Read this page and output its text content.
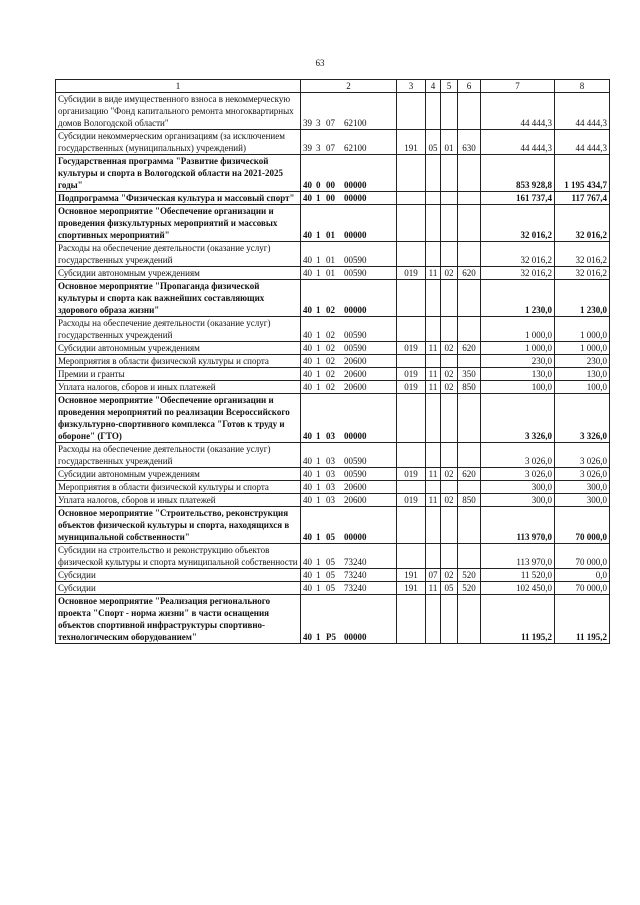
63
1	2	3	4	5	6	7	8
Субсидии в виде имущественного взноса в некоммерческую организацию "Фонд капитального ремонта многоквартирных домов Вологодской области"	39 3 07 62100					44 444,3	44 444,3
Субсидии некоммерческим организациям (за исключением государственных (муниципальных) учреждений)	39 3 07 62100	191	05	01	630	44 444,3	44 444,3
Государственная программа "Развитие физической культуры и спорта в Вологодской области на 2021-2025 годы"	40 0 00 00000					853 928,8	1 195 434,7
Подпрограмма "Физическая культура и массовый спорт"	40 1 00 00000					161 737,4	117 767,4
Основное мероприятие "Обеспечение организации и проведения физкультурных мероприятий и массовых спортивных мероприятий"	40 1 01 00000					32 016,2	32 016,2
Расходы на обеспечение деятельности (оказание услуг) государственных учреждений	40 1 01 00590					32 016,2	32 016,2
Субсидии автономным учреждениям	40 1 01 00590	019	11	02	620	32 016,2	32 016,2
Основное мероприятие "Пропаганда физической культуры и спорта как важнейших составляющих здорового образа жизни"	40 1 02 00000					1 230,0	1 230,0
Расходы на обеспечение деятельности (оказание услуг) государственных учреждений	40 1 02 00590					1 000,0	1 000,0
Субсидии автономным учреждениям	40 1 02 00590	019	11	02	620	1 000,0	1 000,0
Мероприятия в области физической культуры и спорта	40 1 02 20600					230,0	230,0
Премии и гранты	40 1 02 20600	019	11	02	350	130,0	130,0
Уплата налогов, сборов и иных платежей	40 1 02 20600	019	11	02	850	100,0	100,0
Основное мероприятие "Обеспечение организации и проведения мероприятий по реализации Всероссийского физкультурно-спортивного комплекса "Готов к труду и обороне" (ГТО)	40 1 03 00000					3 326,0	3 326,0
Расходы на обеспечение деятельности (оказание услуг) государственных учреждений	40 1 03 00590					3 026,0	3 026,0
Субсидии автономным учреждениям	40 1 03 00590	019	11	02	620	3 026,0	3 026,0
Мероприятия в области физической культуры и спорта	40 1 03 20600					300,0	300,0
Уплата налогов, сборов и иных платежей	40 1 03 20600	019	11	02	850	300,0	300,0
Основное мероприятие "Строительство, реконструкция объектов физической культуры и спорта, находящихся в муниципальной собственности"	40 1 05 00000					113 970,0	70 000,0
Субсидии на строительство и реконструкцию объектов физической культуры и спорта муниципальной собственности	40 1 05 73240					113 970,0	70 000,0
Субсидии	40 1 05 73240	191	07	02	520	11 520,0	0,0
Субсидии	40 1 05 73240	191	11	05	520	102 450,0	70 000,0
Основное мероприятие "Реализация регионального проекта "Спорт - норма жизни" в части оснащения объектов спортивной инфраструктуры спортивно-технологическим оборудованием"	40 1 P5 00000					11 195,2	11 195,2
